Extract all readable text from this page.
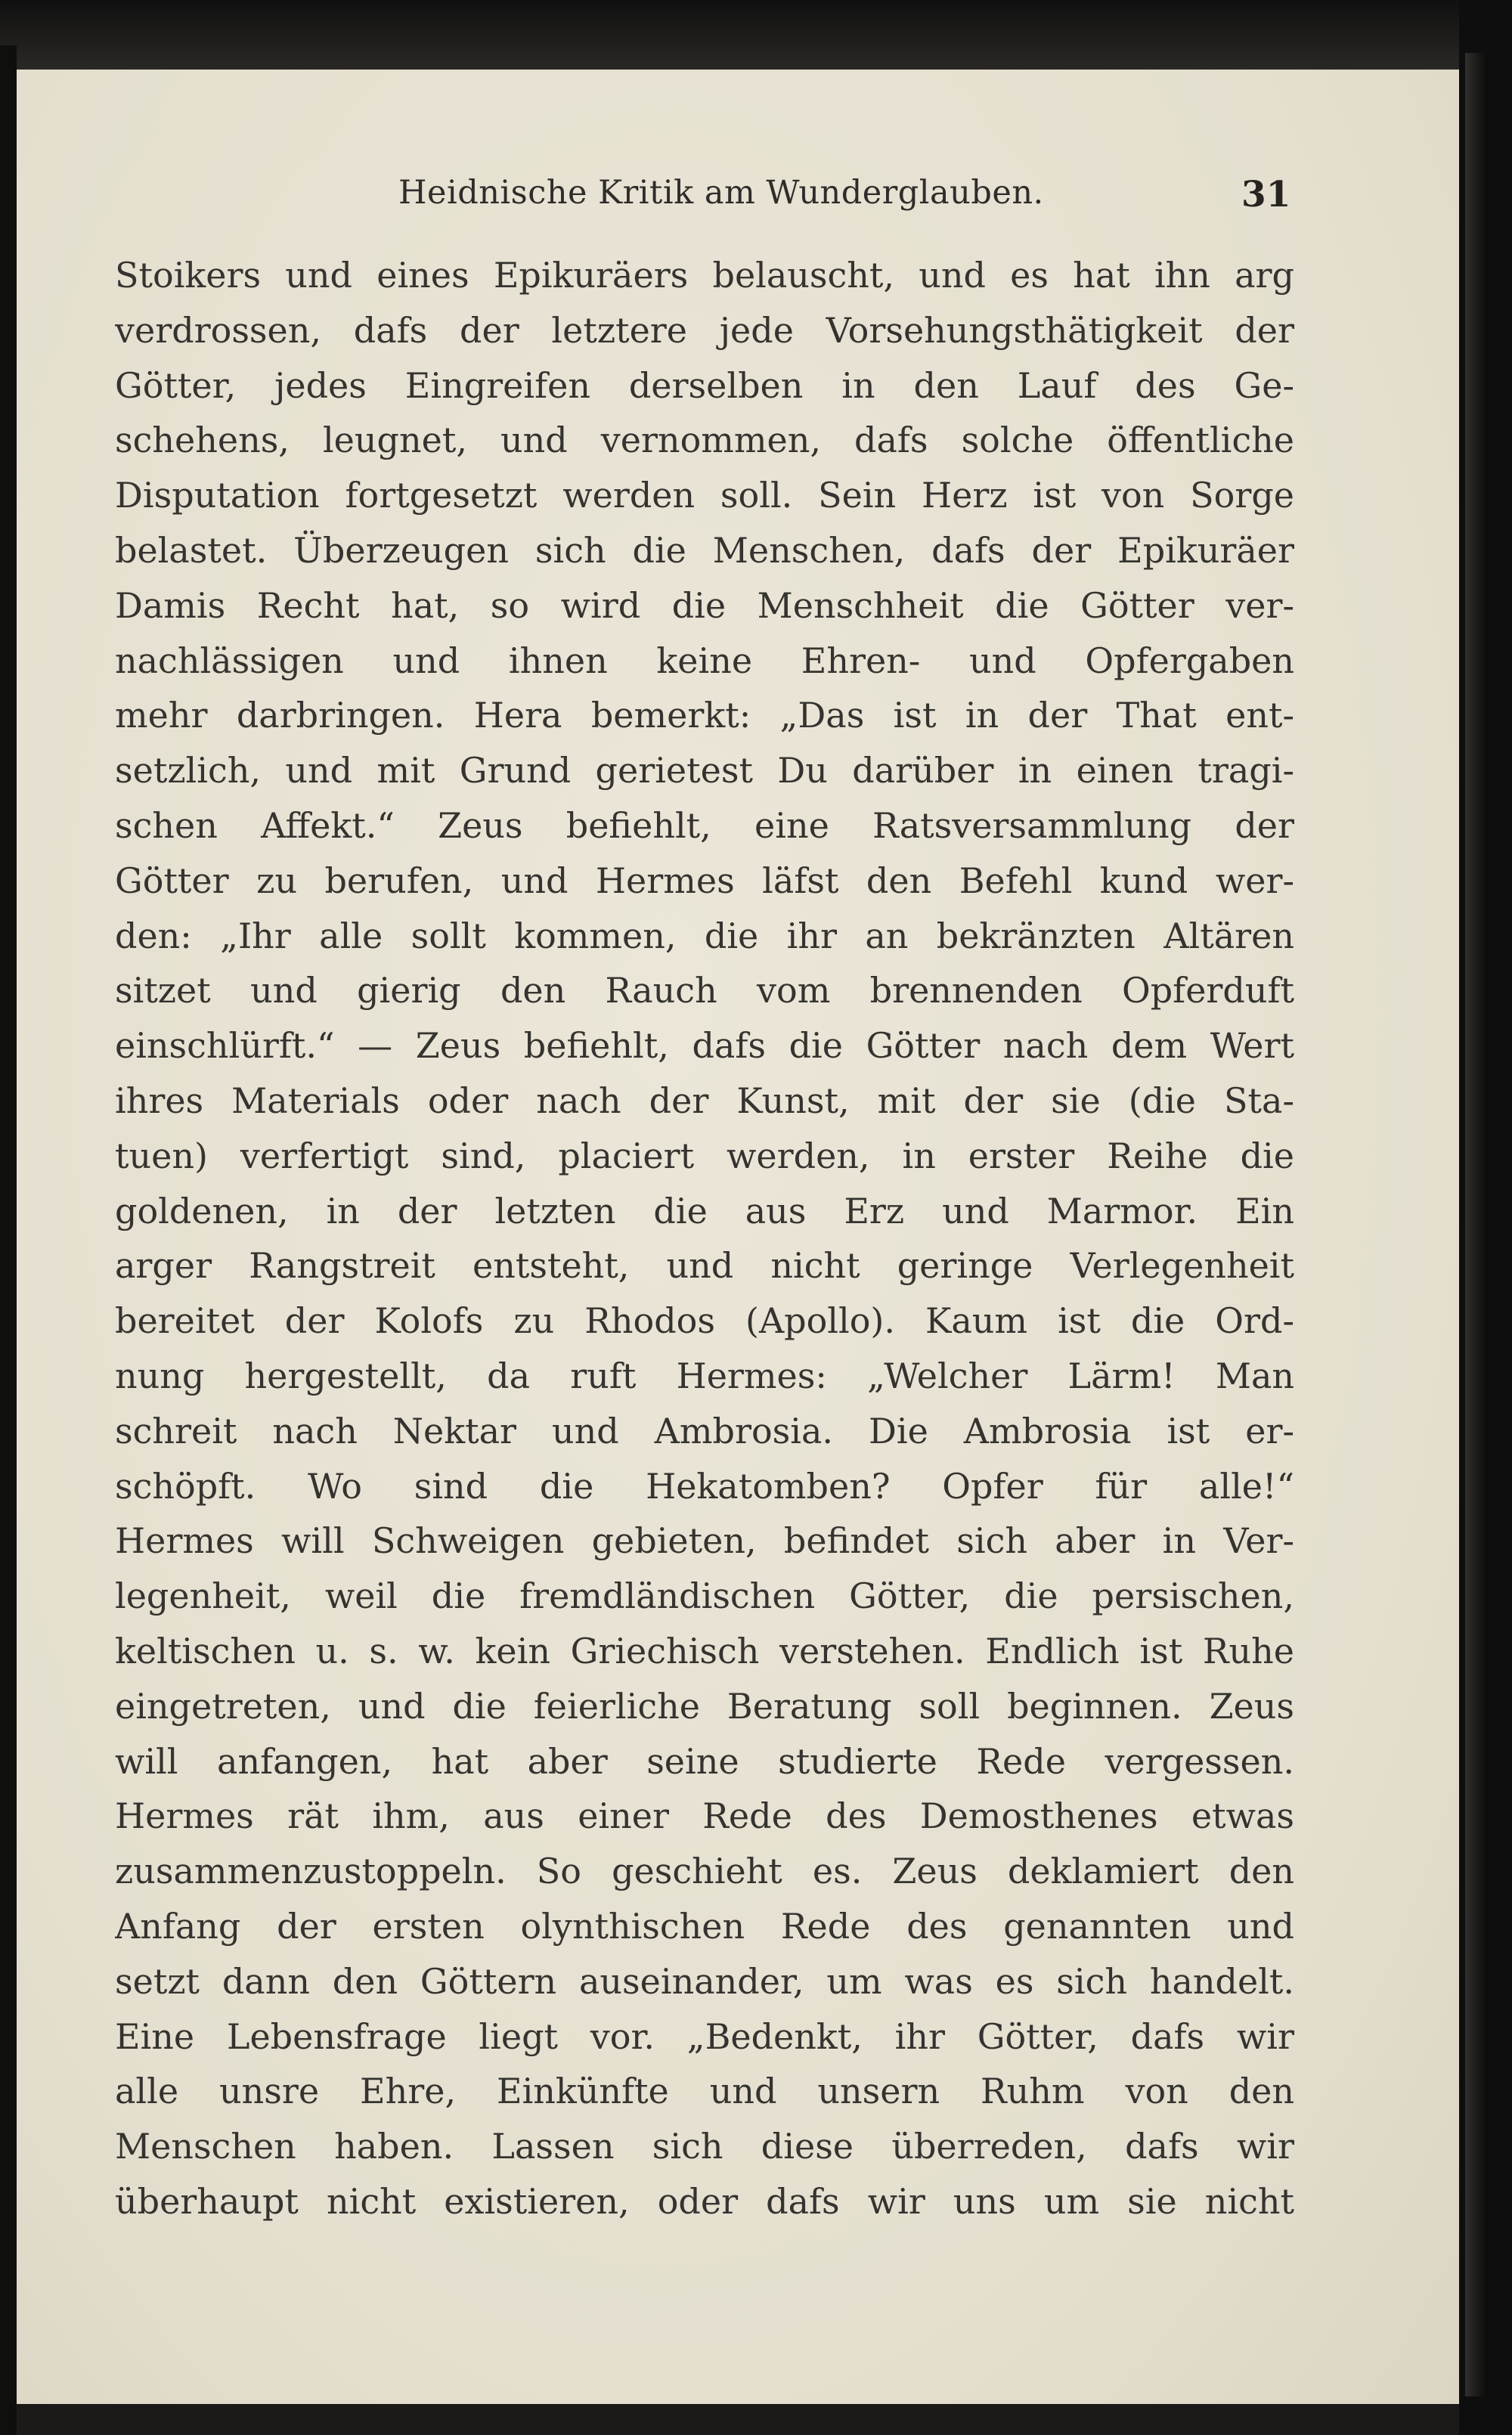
Heidnische Kritik am Wunderglauben.	31
Stoikers und eines Epikuräers belauscht, und es hat ihn arg
verdrossen, dafs der letztere jede Vorsehungsthätigkeit der
Götter, jedes Eingreifen derselben in den Lauf des Ge-
schehens, leugnet, und vernommen, dafs solche öffentliche
Disputation fortgesetzt werden soll. Sein Herz ist von Sorge
belastet. Überzeugen sich die Menschen, dafs der Epikuräer
Damis Recht hat, so wird die Menschheit die Götter ver-
nachlässigen und ihnen keine Ehren- und Opfergaben
mehr darbringen. Hera bemerkt: „Das ist in der That ent-
setzlich, und mit Grund gerietest Du darüber in einen tragi-
schen Affekt.“ Zeus befiehlt, eine Ratsversammlung der
Götter zu berufen, und Hermes läfst den Befehl kund wer-
den: „Ihr alle sollt kommen, die ihr an bekränzten Altären
sitzet und gierig den Rauch vom brennenden Opferduft
einschlürft.“ — Zeus befiehlt, dafs die Götter nach dem Wert
ihres Materials oder nach der Kunst, mit der sie (die Sta-
tuen) verfertigt sind, placiert werden, in erster Reihe die
goldenen, in der letzten die aus Erz und Marmor. Ein
arger Rangstreit entsteht, und nicht geringe Verlegenheit
bereitet der Kolofs zu Rhodos (Apollo). Kaum ist die Ord-
nung hergestellt, da ruft Hermes: „Welcher Lärm! Man
schreit nach Nektar und Ambrosia. Die Ambrosia ist er-
schöpft. Wo sind die Hekatomben? Opfer für alle!“
Hermes will Schweigen gebieten, befindet sich aber in Ver-
legenheit, weil die fremdländischen Götter, die persischen,
keltischen u. s. w. kein Griechisch verstehen. Endlich ist Ruhe
eingetreten, und die feierliche Beratung soll beginnen. Zeus
will anfangen, hat aber seine studierte Rede vergessen.
Hermes rät ihm, aus einer Rede des Demosthenes etwas
zusammenzustoppeln. So geschieht es. Zeus deklamiert den
Anfang der ersten olynthischen Rede des genannten und
setzt dann den Göttern auseinander, um was es sich handelt.
Eine Lebensfrage liegt vor. „Bedenkt, ihr Götter, dafs wir
alle unsre Ehre, Einkünfte und unsern Ruhm von den
Menschen haben. Lassen sich diese überreden, dafs wir
überhaupt nicht existieren, oder dafs wir uns um sie nicht
